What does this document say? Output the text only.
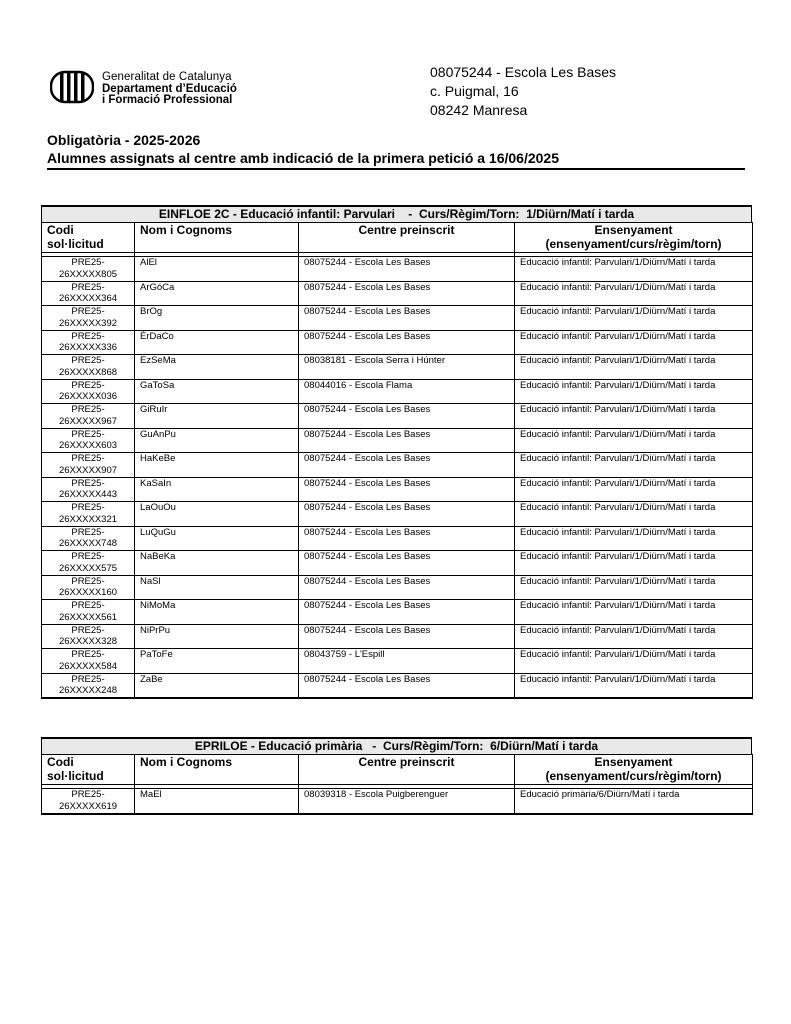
Generalitat de Catalunya
Departament d’Educació
i Formació Professional
08075244 - Escola Les Bases
c. Puigmal, 16
08242 Manresa
Obligatòria - 2025-2026
Alumnes assignats al centre amb indicació de la primera petició a 16/06/2025
EINFLOE 2C - Educació infantil: Parvulari    -  Curs/Règim/Torn:  1/Diürn/Matí i tarda
Codi
sol·licitud	Nom i Cognoms	Centre preinscrit	Ensenyament
(ensenyament/curs/règim/torn)

PRE25-
26XXXXX805	AlEl	08075244 - Escola Les Bases	Educació infantil: Parvulari/1/Diürn/Matí i tarda
PRE25-
26XXXXX364	ArGóCa	08075244 - Escola Les Bases	Educació infantil: Parvulari/1/Diürn/Matí i tarda
PRE25-
26XXXXX392	BrOg	08075244 - Escola Les Bases	Educació infantil: Parvulari/1/Diürn/Matí i tarda
PRE25-
26XXXXX336	ÉrDaCo	08075244 - Escola Les Bases	Educació infantil: Parvulari/1/Diürn/Matí i tarda
PRE25-
26XXXXX868	EzSeMa	08038181 - Escola Serra i Húnter	Educació infantil: Parvulari/1/Diürn/Matí i tarda
PRE25-
26XXXXX036	GaToSa	08044016 - Escola Flama	Educació infantil: Parvulari/1/Diürn/Matí i tarda
PRE25-
26XXXXX967	GiRuIr	08075244 - Escola Les Bases	Educació infantil: Parvulari/1/Diürn/Matí i tarda
PRE25-
26XXXXX603	GuAnPu	08075244 - Escola Les Bases	Educació infantil: Parvulari/1/Diürn/Matí i tarda
PRE25-
26XXXXX907	HaKeBe	08075244 - Escola Les Bases	Educació infantil: Parvulari/1/Diürn/Matí i tarda
PRE25-
26XXXXX443	KaSaIn	08075244 - Escola Les Bases	Educació infantil: Parvulari/1/Diürn/Matí i tarda
PRE25-
26XXXXX321	LaOuOu	08075244 - Escola Les Bases	Educació infantil: Parvulari/1/Diürn/Matí i tarda
PRE25-
26XXXXX748	LuQuGu	08075244 - Escola Les Bases	Educació infantil: Parvulari/1/Diürn/Matí i tarda
PRE25-
26XXXXX575	NaBeKa	08075244 - Escola Les Bases	Educació infantil: Parvulari/1/Diürn/Matí i tarda
PRE25-
26XXXXX160	NaSl	08075244 - Escola Les Bases	Educació infantil: Parvulari/1/Diürn/Matí i tarda
PRE25-
26XXXXX561	NiMoMa	08075244 - Escola Les Bases	Educació infantil: Parvulari/1/Diürn/Matí i tarda
PRE25-
26XXXXX328	NiPrPu	08075244 - Escola Les Bases	Educació infantil: Parvulari/1/Diürn/Matí i tarda
PRE25-
26XXXXX584	PaToFe	08043759 - L'Espill	Educació infantil: Parvulari/1/Diürn/Matí i tarda
PRE25-
26XXXXX248	ZaBe	08075244 - Escola Les Bases	Educació infantil: Parvulari/1/Diürn/Matí i tarda
EPRILOE - Educació primària   -  Curs/Règim/Torn:  6/Diürn/Matí i tarda
Codi
sol·licitud	Nom i Cognoms	Centre preinscrit	Ensenyament
(ensenyament/curs/règim/torn)

PRE25-
26XXXXX619	MaEl	08039318 - Escola Puigberenguer	Educació primària/6/Diürn/Matí i tarda
